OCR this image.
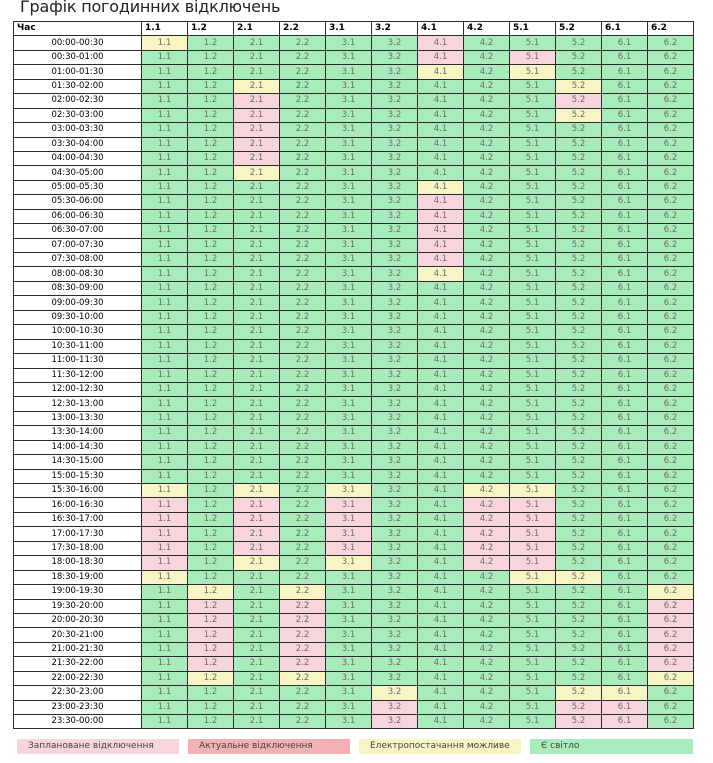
Графік погодинних відключень
Час	1.1	1.2	2.1	2.2	3.1	3.2	4.1	4.2	5.1	5.2	6.1	6.2
00:00-00:30	1.1	1.2	2.1	2.2	3.1	3.2	4.1	4.2	5.1	5.2	6.1	6.2
00:30-01:00	1.1	1.2	2.1	2.2	3.1	3.2	4.1	4.2	5.1	5.2	6.1	6.2
01:00-01:30	1.1	1.2	2.1	2.2	3.1	3.2	4.1	4.2	5.1	5.2	6.1	6.2
01:30-02:00	1.1	1.2	2.1	2.2	3.1	3.2	4.1	4.2	5.1	5.2	6.1	6.2
02:00-02:30	1.1	1.2	2.1	2.2	3.1	3.2	4.1	4.2	5.1	5.2	6.1	6.2
02:30-03:00	1.1	1.2	2.1	2.2	3.1	3.2	4.1	4.2	5.1	5.2	6.1	6.2
03:00-03:30	1.1	1.2	2.1	2.2	3.1	3.2	4.1	4.2	5.1	5.2	6.1	6.2
03:30-04:00	1.1	1.2	2.1	2.2	3.1	3.2	4.1	4.2	5.1	5.2	6.1	6.2
04:00-04:30	1.1	1.2	2.1	2.2	3.1	3.2	4.1	4.2	5.1	5.2	6.1	6.2
04:30-05:00	1.1	1.2	2.1	2.2	3.1	3.2	4.1	4.2	5.1	5.2	6.1	6.2
05:00-05:30	1.1	1.2	2.1	2.2	3.1	3.2	4.1	4.2	5.1	5.2	6.1	6.2
05:30-06:00	1.1	1.2	2.1	2.2	3.1	3.2	4.1	4.2	5.1	5.2	6.1	6.2
06:00-06:30	1.1	1.2	2.1	2.2	3.1	3.2	4.1	4.2	5.1	5.2	6.1	6.2
06:30-07:00	1.1	1.2	2.1	2.2	3.1	3.2	4.1	4.2	5.1	5.2	6.1	6.2
07:00-07:30	1.1	1.2	2.1	2.2	3.1	3.2	4.1	4.2	5.1	5.2	6.1	6.2
07:30-08:00	1.1	1.2	2.1	2.2	3.1	3.2	4.1	4.2	5.1	5.2	6.1	6.2
08:00-08:30	1.1	1.2	2.1	2.2	3.1	3.2	4.1	4.2	5.1	5.2	6.1	6.2
08:30-09:00	1.1	1.2	2.1	2.2	3.1	3.2	4.1	4.2	5.1	5.2	6.1	6.2
09:00-09:30	1.1	1.2	2.1	2.2	3.1	3.2	4.1	4.2	5.1	5.2	6.1	6.2
09:30-10:00	1.1	1.2	2.1	2.2	3.1	3.2	4.1	4.2	5.1	5.2	6.1	6.2
10:00-10:30	1.1	1.2	2.1	2.2	3.1	3.2	4.1	4.2	5.1	5.2	6.1	6.2
10:30-11:00	1.1	1.2	2.1	2.2	3.1	3.2	4.1	4.2	5.1	5.2	6.1	6.2
11:00-11:30	1.1	1.2	2.1	2.2	3.1	3.2	4.1	4.2	5.1	5.2	6.1	6.2
11:30-12:00	1.1	1.2	2.1	2.2	3.1	3.2	4.1	4.2	5.1	5.2	6.1	6.2
12:00-12:30	1.1	1.2	2.1	2.2	3.1	3.2	4.1	4.2	5.1	5.2	6.1	6.2
12:30-13:00	1.1	1.2	2.1	2.2	3.1	3.2	4.1	4.2	5.1	5.2	6.1	6.2
13:00-13:30	1.1	1.2	2.1	2.2	3.1	3.2	4.1	4.2	5.1	5.2	6.1	6.2
13:30-14:00	1.1	1.2	2.1	2.2	3.1	3.2	4.1	4.2	5.1	5.2	6.1	6.2
14:00-14:30	1.1	1.2	2.1	2.2	3.1	3.2	4.1	4.2	5.1	5.2	6.1	6.2
14:30-15:00	1.1	1.2	2.1	2.2	3.1	3.2	4.1	4.2	5.1	5.2	6.1	6.2
15:00-15:30	1.1	1.2	2.1	2.2	3.1	3.2	4.1	4.2	5.1	5.2	6.1	6.2
15:30-16:00	1.1	1.2	2.1	2.2	3.1	3.2	4.1	4.2	5.1	5.2	6.1	6.2
16:00-16:30	1.1	1.2	2.1	2.2	3.1	3.2	4.1	4.2	5.1	5.2	6.1	6.2
16:30-17:00	1.1	1.2	2.1	2.2	3.1	3.2	4.1	4.2	5.1	5.2	6.1	6.2
17:00-17:30	1.1	1.2	2.1	2.2	3.1	3.2	4.1	4.2	5.1	5.2	6.1	6.2
17:30-18:00	1.1	1.2	2.1	2.2	3.1	3.2	4.1	4.2	5.1	5.2	6.1	6.2
18:00-18:30	1.1	1.2	2.1	2.2	3.1	3.2	4.1	4.2	5.1	5.2	6.1	6.2
18:30-19:00	1.1	1.2	2.1	2.2	3.1	3.2	4.1	4.2	5.1	5.2	6.1	6.2
19:00-19:30	1.1	1.2	2.1	2.2	3.1	3.2	4.1	4.2	5.1	5.2	6.1	6.2
19:30-20:00	1.1	1.2	2.1	2.2	3.1	3.2	4.1	4.2	5.1	5.2	6.1	6.2
20:00-20:30	1.1	1.2	2.1	2.2	3.1	3.2	4.1	4.2	5.1	5.2	6.1	6.2
20:30-21:00	1.1	1.2	2.1	2.2	3.1	3.2	4.1	4.2	5.1	5.2	6.1	6.2
21:00-21:30	1.1	1.2	2.1	2.2	3.1	3.2	4.1	4.2	5.1	5.2	6.1	6.2
21:30-22:00	1.1	1.2	2.1	2.2	3.1	3.2	4.1	4.2	5.1	5.2	6.1	6.2
22:00-22:30	1.1	1.2	2.1	2.2	3.1	3.2	4.1	4.2	5.1	5.2	6.1	6.2
22:30-23:00	1.1	1.2	2.1	2.2	3.1	3.2	4.1	4.2	5.1	5.2	6.1	6.2
23:00-23:30	1.1	1.2	2.1	2.2	3.1	3.2	4.1	4.2	5.1	5.2	6.1	6.2
23:30-00:00	1.1	1.2	2.1	2.2	3.1	3.2	4.1	4.2	5.1	5.2	6.1	6.2
Заплановане відключення	Актуальне відключення	Електропостачання можливе	Є світло
